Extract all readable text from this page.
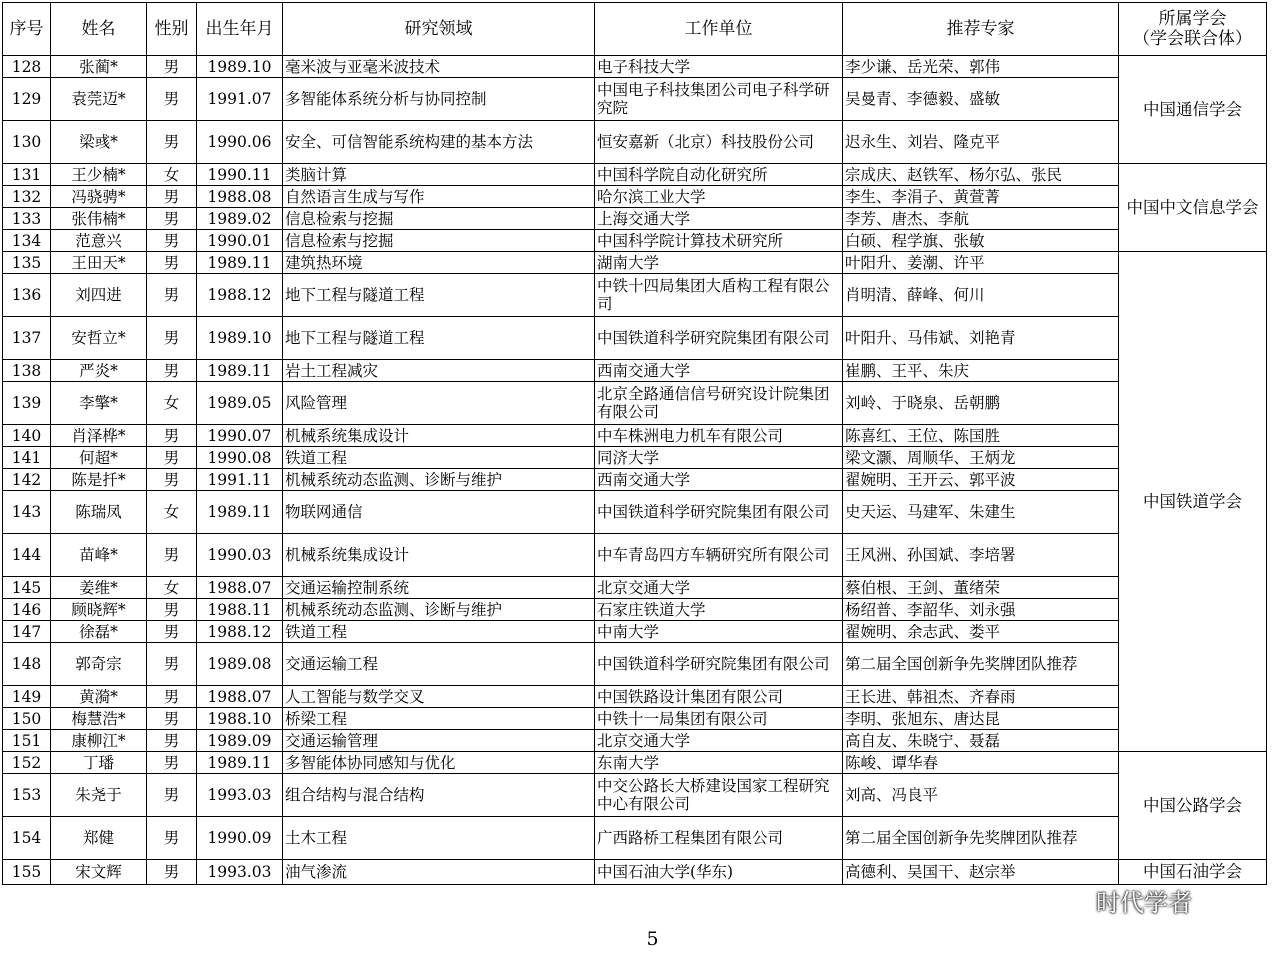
序号	姓名	性别	出生年月	研究领域	工作单位	推荐专家	所属学会
（学会联合体）
128	张蔺*	男	1989.10	毫米波与亚毫米波技术	电子科技大学	李少谦、岳光荣、郭伟	中国通信学会
129	袁莞迈*	男	1991.07	多智能体系统分析与协同控制	中国电子科技集团公司电子科学研究院	吴曼青、李德毅、盛敏	
130	梁彧*	男	1990.06	安全、可信智能系统构建的基本方法	恒安嘉新（北京）科技股份公司	迟永生、刘岩、隆克平	
131	王少楠*	女	1990.11	类脑计算	中国科学院自动化研究所	宗成庆、赵铁军、杨尔弘、张民	中国中文信息学会
132	冯骁骋*	男	1988.08	自然语言生成与写作	哈尔滨工业大学	李生、李涓子、黄萱菁	
133	张伟楠*	男	1989.02	信息检索与挖掘	上海交通大学	李芳、唐杰、李航	
134	范意兴	男	1990.01	信息检索与挖掘	中国科学院计算技术研究所	白硕、程学旗、张敏	
135	王田天*	男	1989.11	建筑热环境	湖南大学	叶阳升、姜潮、许平	中国铁道学会
136	刘四进	男	1988.12	地下工程与隧道工程	中铁十四局集团大盾构工程有限公司	肖明清、薛峰、何川	
137	安哲立*	男	1989.10	地下工程与隧道工程	中国铁道科学研究院集团有限公司	叶阳升、马伟斌、刘艳青	
138	严炎*	男	1989.11	岩土工程减灾	西南交通大学	崔鹏、王平、朱庆	
139	李擎*	女	1989.05	风险管理	北京全路通信信号研究设计院集团有限公司	刘岭、于晓泉、岳朝鹏	
140	肖泽桦*	男	1990.07	机械系统集成设计	中车株洲电力机车有限公司	陈喜红、王位、陈国胜	
141	何超*	男	1990.08	铁道工程	同济大学	梁文灏、周顺华、王炳龙	
142	陈是扦*	男	1991.11	机械系统动态监测、诊断与维护	西南交通大学	翟婉明、王开云、郭平波	
143	陈瑞凤	女	1989.11	物联网通信	中国铁道科学研究院集团有限公司	史天运、马建军、朱建生	
144	苗峰*	男	1990.03	机械系统集成设计	中车青岛四方车辆研究所有限公司	王风洲、孙国斌、李培署	
145	姜维*	女	1988.07	交通运输控制系统	北京交通大学	蔡伯根、王剑、董绪荣	
146	顾晓辉*	男	1988.11	机械系统动态监测、诊断与维护	石家庄铁道大学	杨绍普、李韶华、刘永强	
147	徐磊*	男	1988.12	铁道工程	中南大学	翟婉明、余志武、娄平	
148	郭奇宗	男	1989.08	交通运输工程	中国铁道科学研究院集团有限公司	第二届全国创新争先奖牌团队推荐	
149	黄漪*	男	1988.07	人工智能与数学交叉	中国铁路设计集团有限公司	王长进、韩祖杰、齐春雨	
150	梅慧浩*	男	1988.10	桥梁工程	中铁十一局集团有限公司	李明、张旭东、唐达昆	
151	康柳江*	男	1989.09	交通运输管理	北京交通大学	高自友、朱晓宁、聂磊	
152	丁璠	男	1989.11	多智能体协同感知与优化	东南大学	陈峻、谭华春	中国公路学会
153	朱尧于	男	1993.03	组合结构与混合结构	中交公路长大桥建设国家工程研究中心有限公司	刘高、冯良平	
154	郑健	男	1990.09	土木工程	广西路桥工程集团有限公司	第二届全国创新争先奖牌团队推荐	
155	宋文辉	男	1993.03	油气渗流	中国石油大学(华东)	高德利、吴国干、赵宗举	中国石油学会
时代学者
5
